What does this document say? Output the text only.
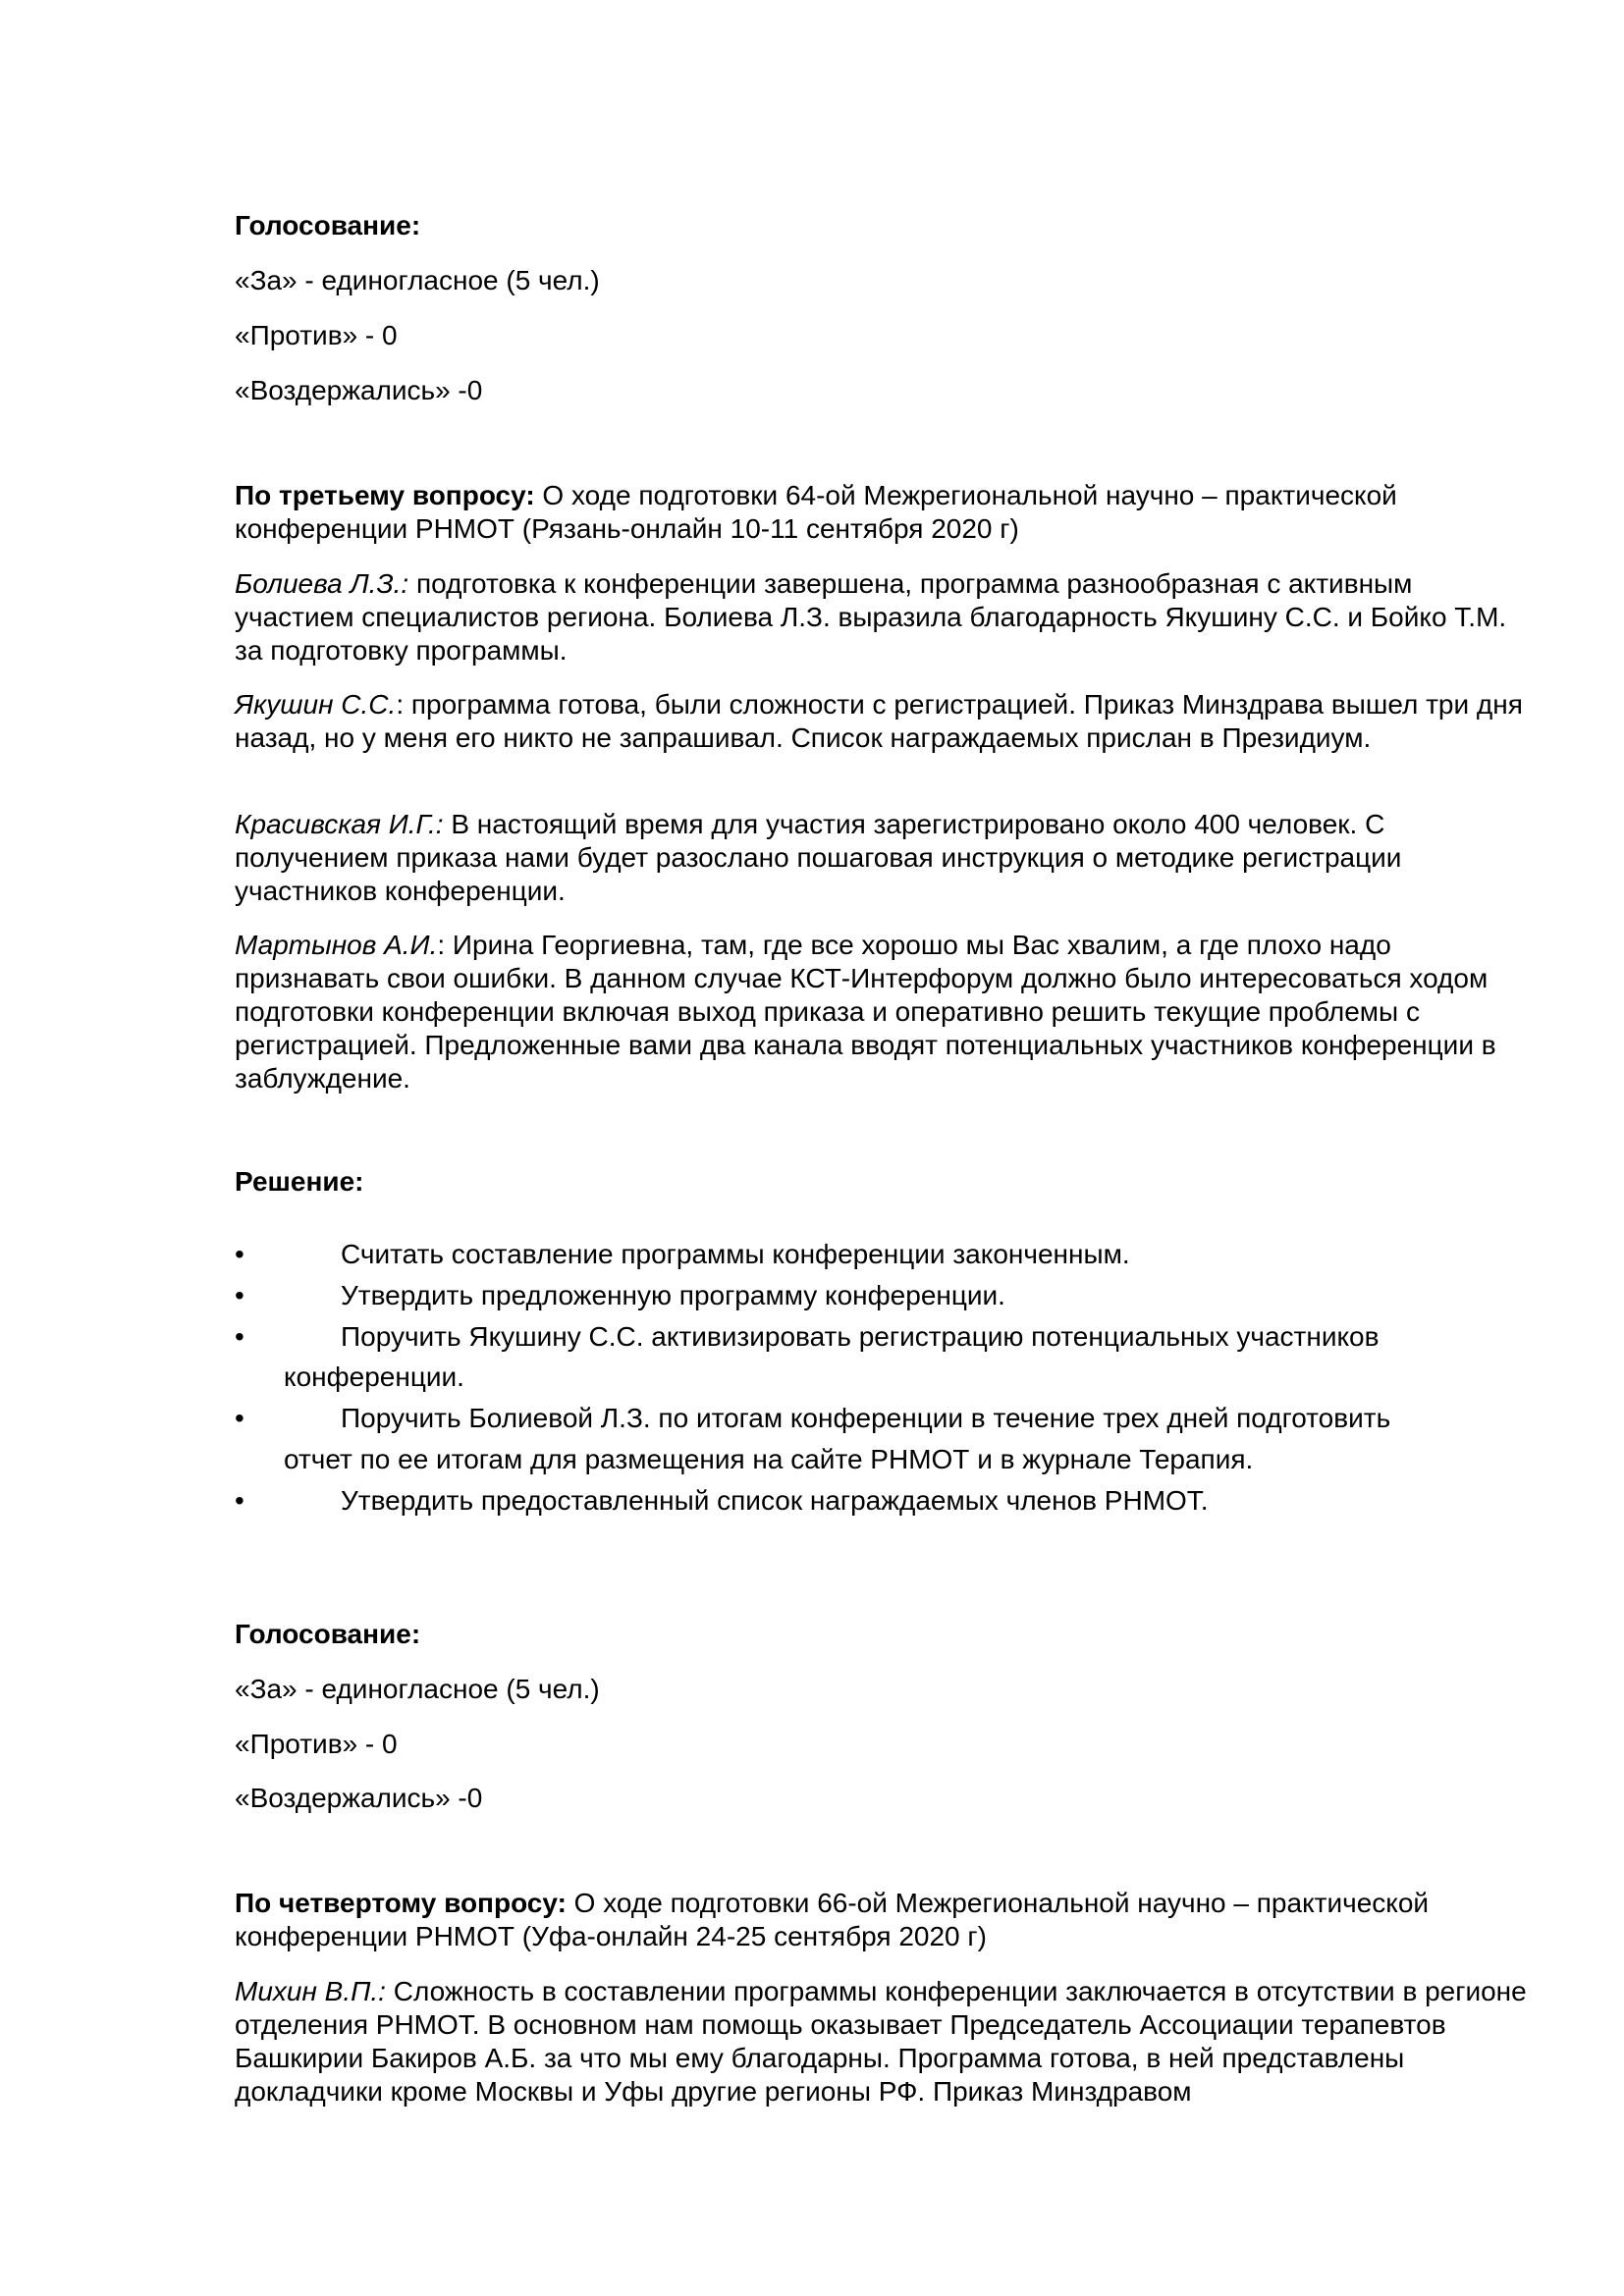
Голосование:

«За» - единогласное (5 чел.)

«Против» - 0

«Воздержались» -0

По третьему вопросу: О ходе подготовки 64-ой Межрегиональной научно – практической конференции РНМОТ (Рязань-онлайн 10-11 сентября 2020 г)

Болиева Л.З.: подготовка к конференции завершена, программа разнообразная с активным участием специалистов региона. Болиева Л.З. выразила благодарность Якушину С.С. и Бойко Т.М. за подготовку программы.

Якушин С.С.: программа готова, были сложности с регистрацией. Приказ Минздрава вышел три дня назад, но у меня его никто не запрашивал. Список награждаемых прислан в Президиум.

Красивская И.Г.: В настоящий время для участия зарегистрировано около 400 человек. С получением приказа нами будет разослано пошаговая инструкция о методике регистрации участников конференции.

Мартынов А.И.: Ирина Георгиевна, там, где все хорошо мы Вас хвалим, а где плохо надо признавать свои ошибки. В данном случае КСТ-Интерфорум должно было интересоваться ходом подготовки конференции включая выход приказа и оперативно решить текущие проблемы с регистрацией. Предложенные вами два канала вводят потенциальных участников конференции в заблуждение.

Решение:

•	Считать составление программы конференции законченным.
•	Утвердить предложенную программу конференции.
•	Поручить Якушину С.С. активизировать регистрацию потенциальных участников

конференции.

•	Поручить Болиевой Л.З. по итогам конференции в течение трех дней подготовить

отчет по ее итогам для размещения на сайте РНМОТ и в журнале Терапия.

•	Утвердить предоставленный список награждаемых членов РНМОТ.

Голосование:

«За» - единогласное (5 чел.)

«Против» - 0

«Воздержались» -0

По четвертому вопросу: О ходе подготовки 66-ой Межрегиональной научно – практической конференции РНМОТ (Уфа-онлайн 24-25 сентября 2020 г)

Михин В.П.: Сложность в составлении программы конференции заключается в отсутствии в регионе отделения РНМОТ. В основном нам помощь оказывает Председатель Ассоциации терапевтов Башкирии Бакиров А.Б. за что мы ему благодарны. Программа готова, в ней представлены докладчики кроме Москвы и Уфы другие регионы РФ. Приказ Минздравом
